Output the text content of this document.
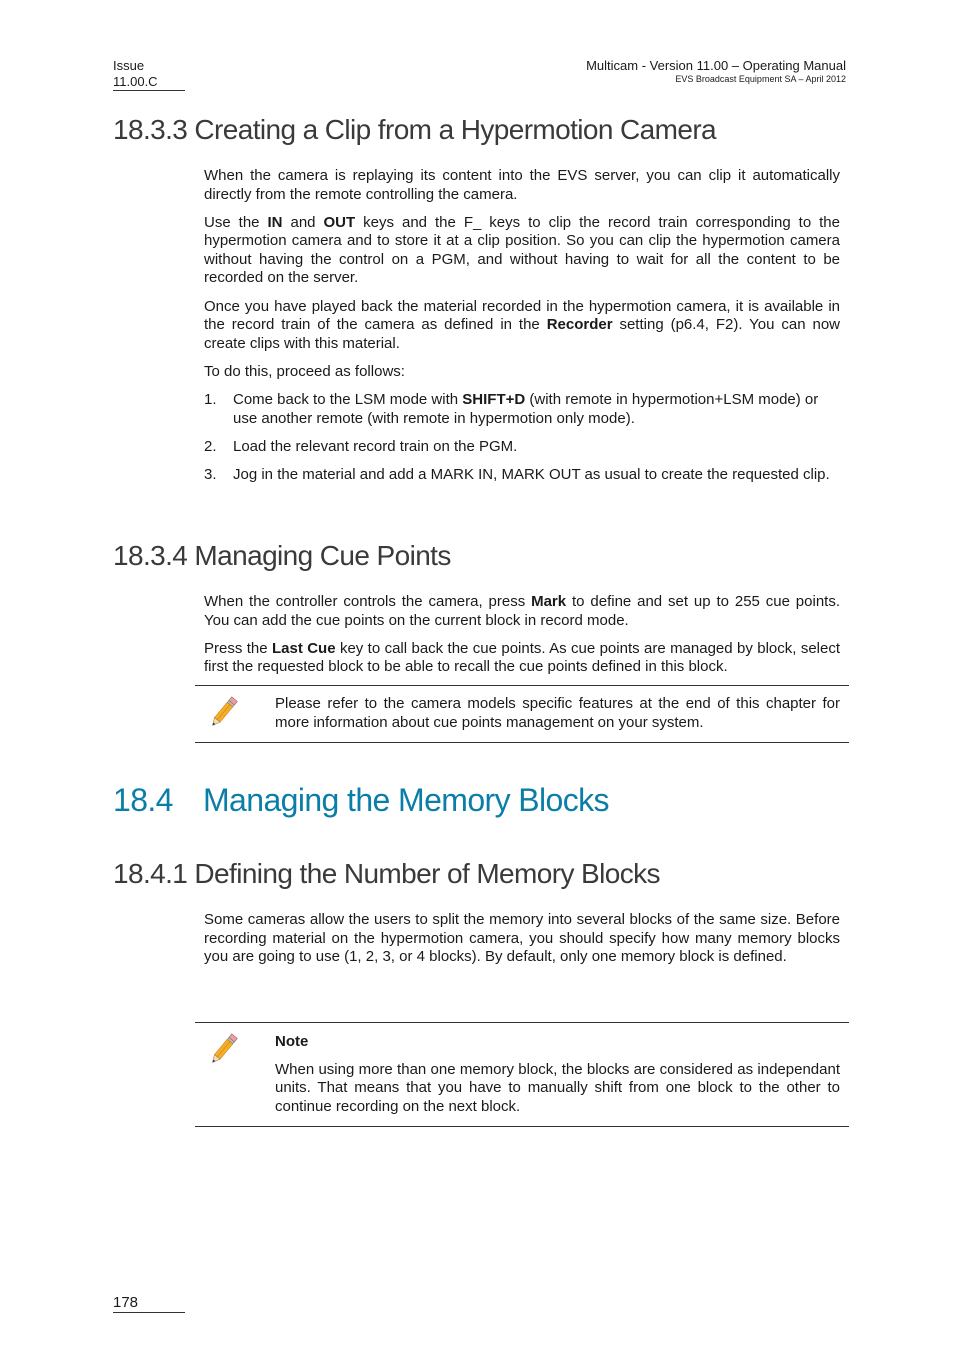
Issue
11.00.C
Multicam - Version 11.00 – Operating Manual
EVS Broadcast Equipment SA – April 2012
18.3.3 Creating a Clip from a Hypermotion Camera

When the camera is replaying its content into the EVS server, you can clip it automatically directly from the remote controlling the camera.

Use the IN and OUT keys and the F_ keys to clip the record train corresponding to the hypermotion camera and to store it at a clip position. So you can clip the hypermotion camera without having the control on a PGM, and without having to wait for all the content to be recorded on the server.

Once you have played back the material recorded in the hypermotion camera, it is available in the record train of the camera as defined in the Recorder setting (p6.4, F2). You can now create clips with this material.

To do this, proceed as follows:

1. Come back to the LSM mode with SHIFT+D (with remote in hypermotion+LSM mode) or use another remote (with remote in hypermotion only mode).
2. Load the relevant record train on the PGM.
3. Jog in the material and add a MARK IN, MARK OUT as usual to create the requested clip.
18.3.4 Managing Cue Points

When the controller controls the camera, press Mark to define and set up to 255 cue points. You can add the cue points on the current block in record mode.

Press the Last Cue key to call back the cue points. As cue points are managed by block, select first the requested block to be able to recall the cue points defined in this block.

Please refer to the camera models specific features at the end of this chapter for more information about cue points management on your system.
18.4 Managing the Memory Blocks
18.4.1 Defining the Number of Memory Blocks

Some cameras allow the users to split the memory into several blocks of the same size. Before recording material on the hypermotion camera, you should specify how many memory blocks you are going to use (1, 2, 3, or 4 blocks). By default, only one memory block is defined.

Note
When using more than one memory block, the blocks are considered as independant units. That means that you have to manually shift from one block to the other to continue recording on the next block.
178
